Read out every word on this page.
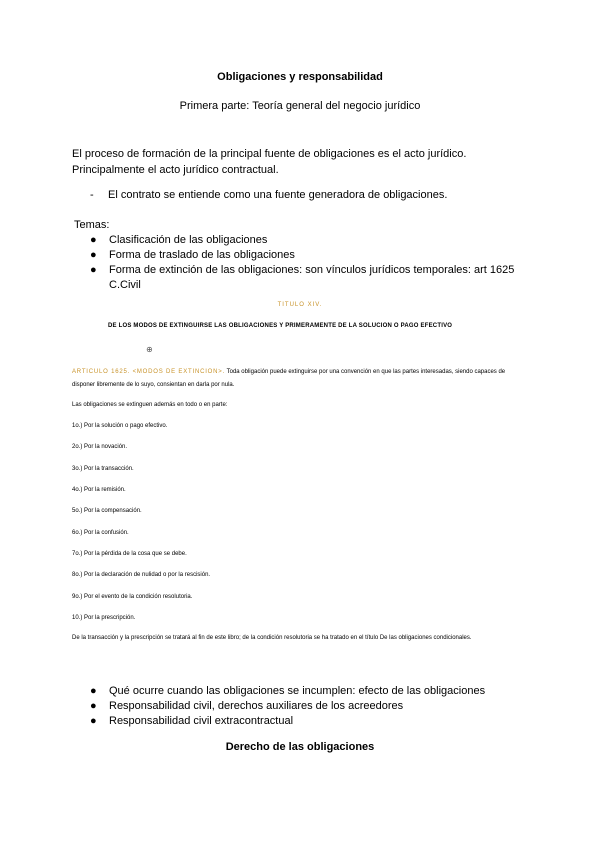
Obligaciones y responsabilidad
Primera parte: Teoría general del negocio jurídico
El proceso de formación de la principal fuente de obligaciones es el acto jurídico. Principalmente el acto jurídico contractual.
- El contrato se entiende como una fuente generadora de obligaciones.
Temas:
● Clasificación de las obligaciones
● Forma de traslado de las obligaciones
● Forma de extinción de las obligaciones: son vínculos jurídicos temporales: art 1625 C.Civil
TITULO XIV.
DE LOS MODOS DE EXTINGUIRSE LAS OBLIGACIONES Y PRIMERAMENTE DE LA SOLUCION O PAGO EFECTIVO
⊕
ARTICULO 1625. <MODOS DE EXTINCION>. Toda obligación puede extinguirse por una convención en que las partes interesadas, siendo capaces de disponer libremente de lo suyo, consientan en darla por nula.
Las obligaciones se extinguen además en todo o en parte:
1o.) Por la solución o pago efectivo.
2o.) Por la novación.
3o.) Por la transacción.
4o.) Por la remisión.
5o.) Por la compensación.
6o.) Por la confusión.
7o.) Por la pérdida de la cosa que se debe.
8o.) Por la declaración de nulidad o por la rescisión.
9o.) Por el evento de la condición resolutoria.
10.) Por la prescripción.
De la transacción y la prescripción se tratará al fin de este libro; de la condición resolutoria se ha tratado en el título De las obligaciones condicionales.
● Qué ocurre cuando las obligaciones se incumplen: efecto de las obligaciones
● Responsabilidad civil, derechos auxiliares de los acreedores
● Responsabilidad civil extracontractual
Derecho de las obligaciones
